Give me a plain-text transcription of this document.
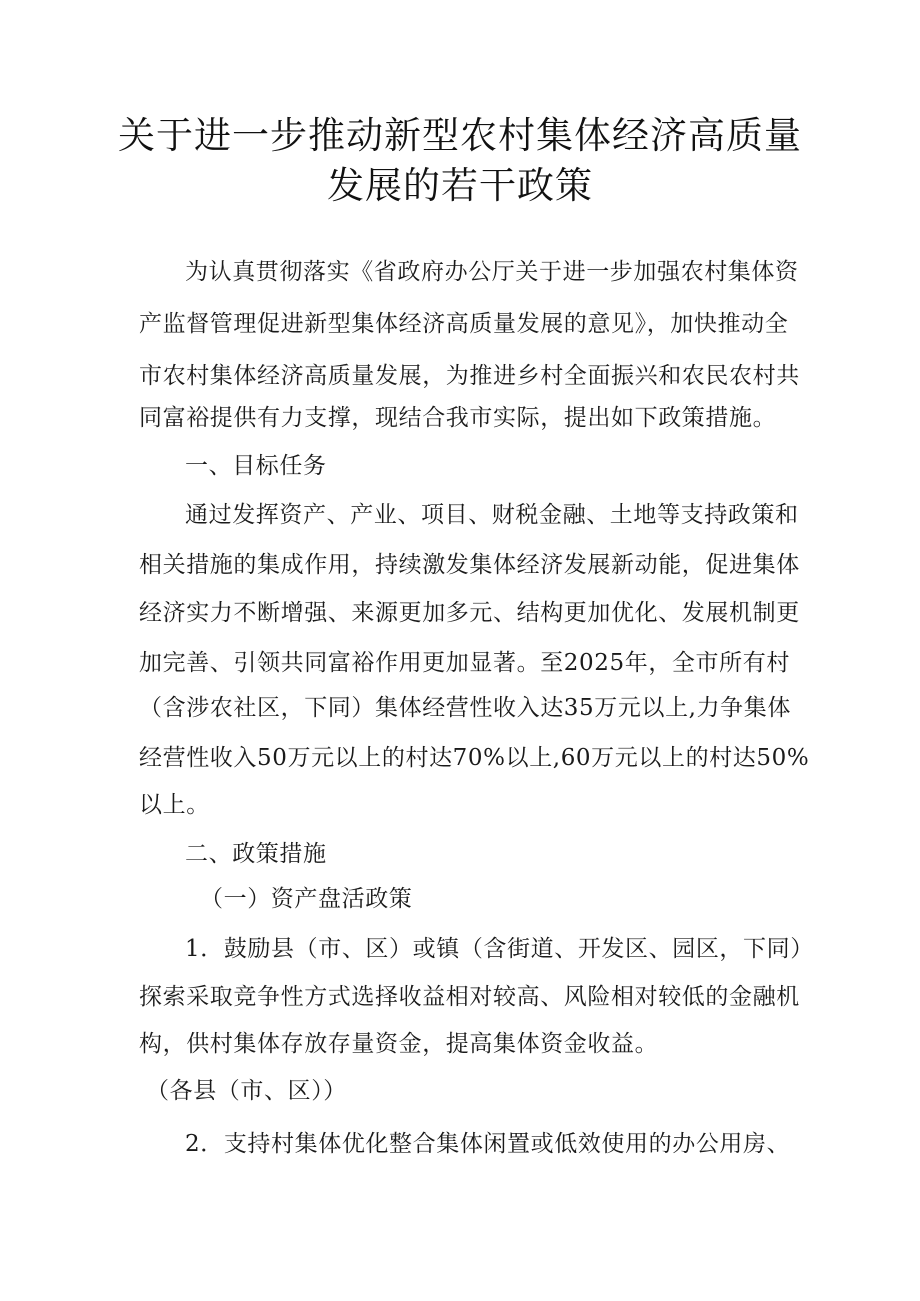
关于进一步推动新型农村集体经济高质量
发展的若干政策
为认真贯彻落实《省政府办公厅关于进一步加强农村集体资
产监督管理促进新型集体经济高质量发展的意见》，加快推动全
市农村集体经济高质量发展，为推进乡村全面振兴和农民农村共
同富裕提供有力支撑，现结合我市实际，提出如下政策措施。
一、目标任务
通过发挥资产、产业、项目、财税金融、土地等支持政策和
相关措施的集成作用，持续激发集体经济发展新动能，促进集体
经济实力不断增强、来源更加多元、结构更加优化、发展机制更
加完善、引领共同富裕作用更加显著。至2025年，全市所有村
（含涉农社区，下同）集体经营性收入达35万元以上,力争集体
经营性收入50万元以上的村达70%以上,60万元以上的村达50%
以上。
二、政策措施
（一）资产盘活政策
1．鼓励县（市、区）或镇（含街道、开发区、园区，下同）
探索采取竞争性方式选择收益相对较高、风险相对较低的金融机
构，供村集体存放存量资金，提高集体资金收益。
（各县（市、区））
2．支持村集体优化整合集体闲置或低效使用的办公用房、
